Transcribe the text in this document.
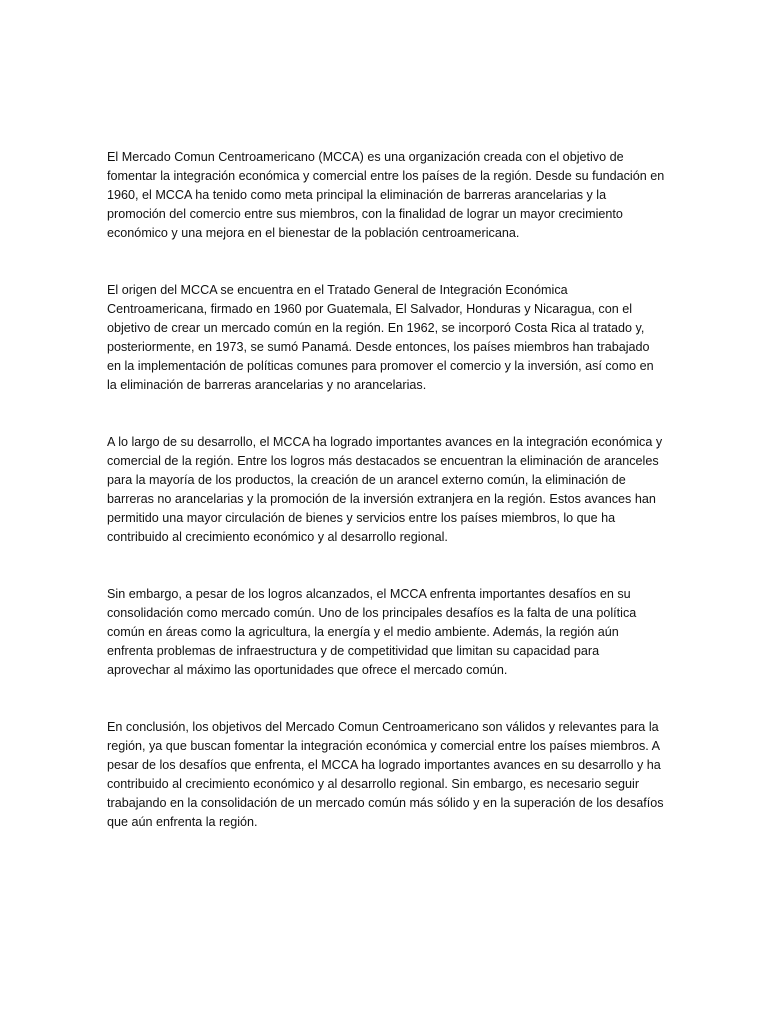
El Mercado Comun Centroamericano (MCCA) es una organización creada con el objetivo de fomentar la integración económica y comercial entre los países de la región. Desde su fundación en 1960, el MCCA ha tenido como meta principal la eliminación de barreras arancelarias y la promoción del comercio entre sus miembros, con la finalidad de lograr un mayor crecimiento económico y una mejora en el bienestar de la población centroamericana.

El origen del MCCA se encuentra en el Tratado General de Integración Económica Centroamericana, firmado en 1960 por Guatemala, El Salvador, Honduras y Nicaragua, con el objetivo de crear un mercado común en la región. En 1962, se incorporó Costa Rica al tratado y, posteriormente, en 1973, se sumó Panamá. Desde entonces, los países miembros han trabajado en la implementación de políticas comunes para promover el comercio y la inversión, así como en la eliminación de barreras arancelarias y no arancelarias.

A lo largo de su desarrollo, el MCCA ha logrado importantes avances en la integración económica y comercial de la región. Entre los logros más destacados se encuentran la eliminación de aranceles para la mayoría de los productos, la creación de un arancel externo común, la eliminación de barreras no arancelarias y la promoción de la inversión extranjera en la región. Estos avances han permitido una mayor circulación de bienes y servicios entre los países miembros, lo que ha contribuido al crecimiento económico y al desarrollo regional.

Sin embargo, a pesar de los logros alcanzados, el MCCA enfrenta importantes desafíos en su consolidación como mercado común. Uno de los principales desafíos es la falta de una política común en áreas como la agricultura, la energía y el medio ambiente. Además, la región aún enfrenta problemas de infraestructura y de competitividad que limitan su capacidad para aprovechar al máximo las oportunidades que ofrece el mercado común.

En conclusión, los objetivos del Mercado Comun Centroamericano son válidos y relevantes para la región, ya que buscan fomentar la integración económica y comercial entre los países miembros. A pesar de los desafíos que enfrenta, el MCCA ha logrado importantes avances en su desarrollo y ha contribuido al crecimiento económico y al desarrollo regional. Sin embargo, es necesario seguir trabajando en la consolidación de un mercado común más sólido y en la superación de los desafíos que aún enfrenta la región.
